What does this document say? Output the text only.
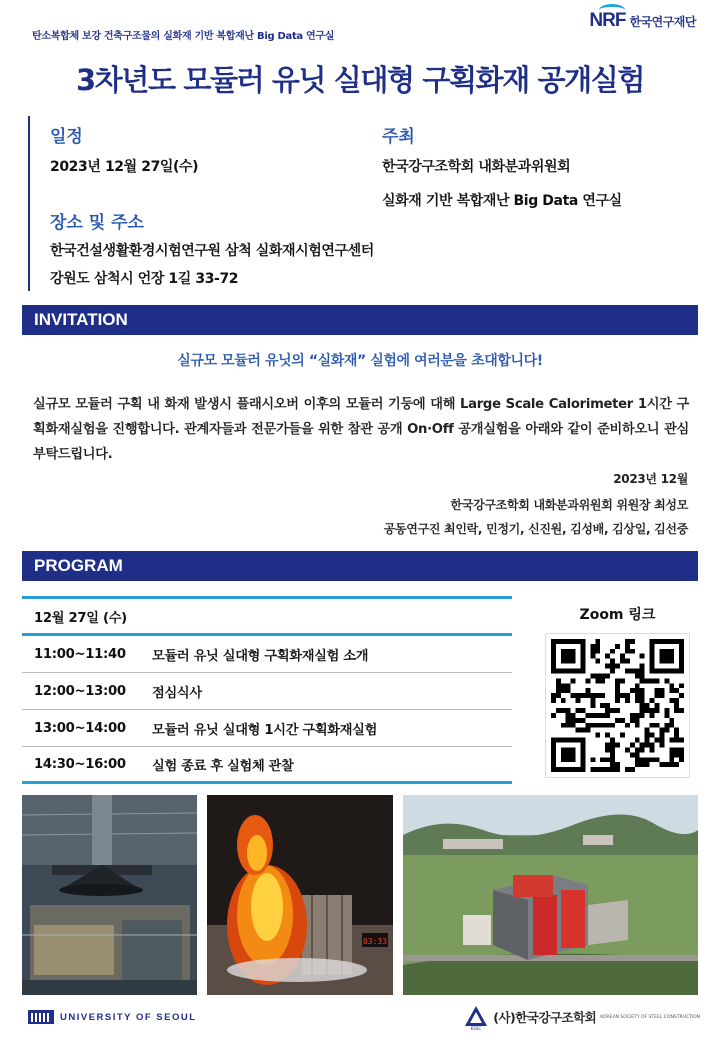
탄소복합체 보강 건축구조물의 실화재 기반 복합재난 Big Data 연구실
NRF 한국연구재단
3차년도 모듈러 유닛 실대형 구획화재 공개실험
일정
2023년 12월 27일(수)
장소 및 주소
한국건설생활환경시험연구원 삼척 실화재시험연구센터
강원도 삼척시 언장 1길 33-72
주최
한국강구조학회 내화분과위원회
실화재 기반 복합재난 Big Data 연구실
INVITATION
실규모 모듈러 유닛의 “실화재” 실험에 여러분을 초대합니다!
실규모 모듈러 구획 내 화재 발생시 플래시오버 이후의 모듈러 기둥에 대해 Large Scale Calorimeter 1시간 구획화재실험을 진행합니다. 관계자들과 전문가들을 위한 참관 공개 On·Off 공개실험을 아래와 같이 준비하오니 관심 부탁드립니다.
2023년 12월
한국강구조학회 내화분과위원회 위원장 최성모
공동연구진 최인락, 민정기, 신진원, 김성배, 김상일, 김선중
PROGRAM
12월 27일 (수)
11:00~11:40	모듈러 유닛 실대형 구획화재실험 소개
12:00~13:00	점심식사
13:00~14:00	모듈러 유닛 실대형 1시간 구획화재실험
14:30~16:00	실험 종료 후 실험체 관찰
Zoom 링크
03:33
UNIVERSITY OF SEOUL
KSSC
(사)한국강구조학회 KOREAN SOCIETY OF STEEL CONSTRUCTION
